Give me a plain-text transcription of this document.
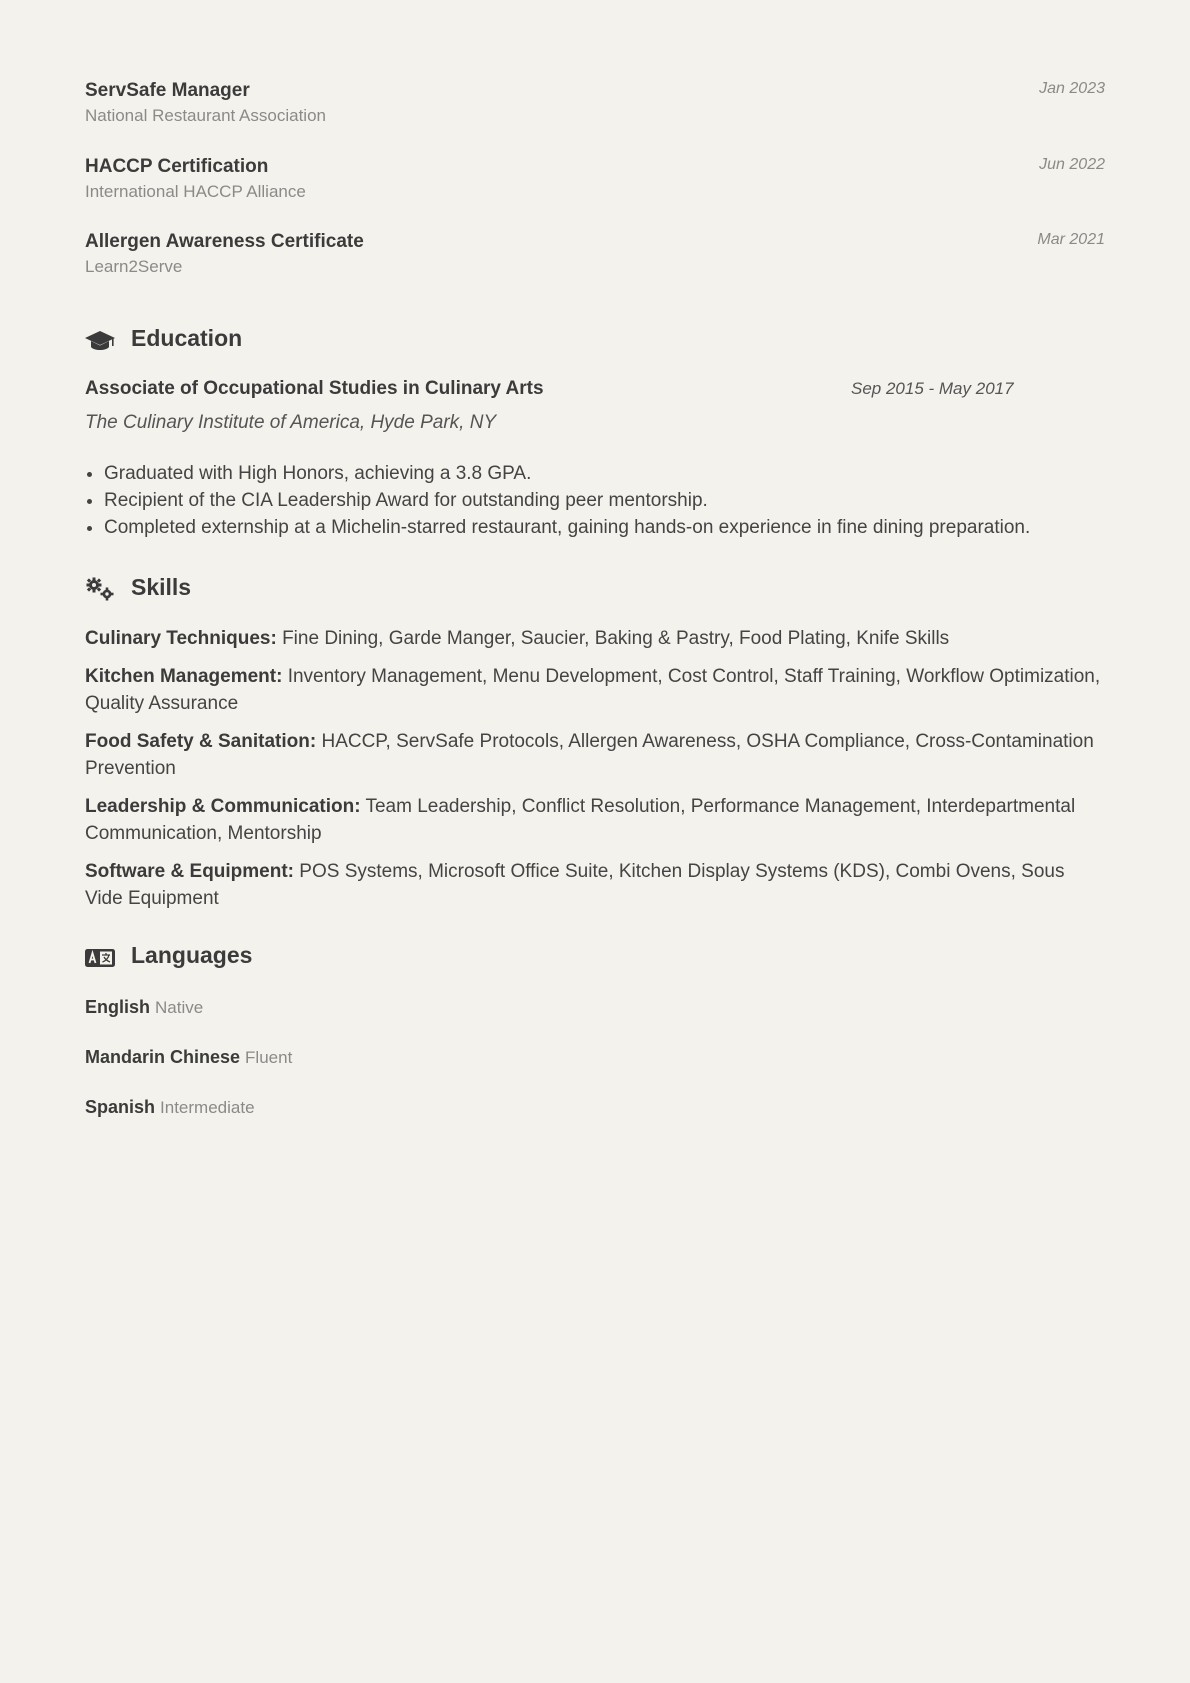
ServSafe Manager
National Restaurant Association
Jan 2023
HACCP Certification
International HACCP Alliance
Jun 2022
Allergen Awareness Certificate
Learn2Serve
Mar 2021
Education
Associate of Occupational Studies in Culinary Arts	Sep 2015 - May 2017
The Culinary Institute of America, Hyde Park, NY
Graduated with High Honors, achieving a 3.8 GPA.
Recipient of the CIA Leadership Award for outstanding peer mentorship.
Completed externship at a Michelin-starred restaurant, gaining hands-on experience in fine dining preparation.
Skills
Culinary Techniques: Fine Dining, Garde Manger, Saucier, Baking & Pastry, Food Plating, Knife Skills
Kitchen Management: Inventory Management, Menu Development, Cost Control, Staff Training, Workflow Optimization, Quality Assurance
Food Safety & Sanitation: HACCP, ServSafe Protocols, Allergen Awareness, OSHA Compliance, Cross-Contamination Prevention
Leadership & Communication: Team Leadership, Conflict Resolution, Performance Management, Interdepartmental Communication, Mentorship
Software & Equipment: POS Systems, Microsoft Office Suite, Kitchen Display Systems (KDS), Combi Ovens, Sous Vide Equipment
Languages
English Native
Mandarin Chinese Fluent
Spanish Intermediate
